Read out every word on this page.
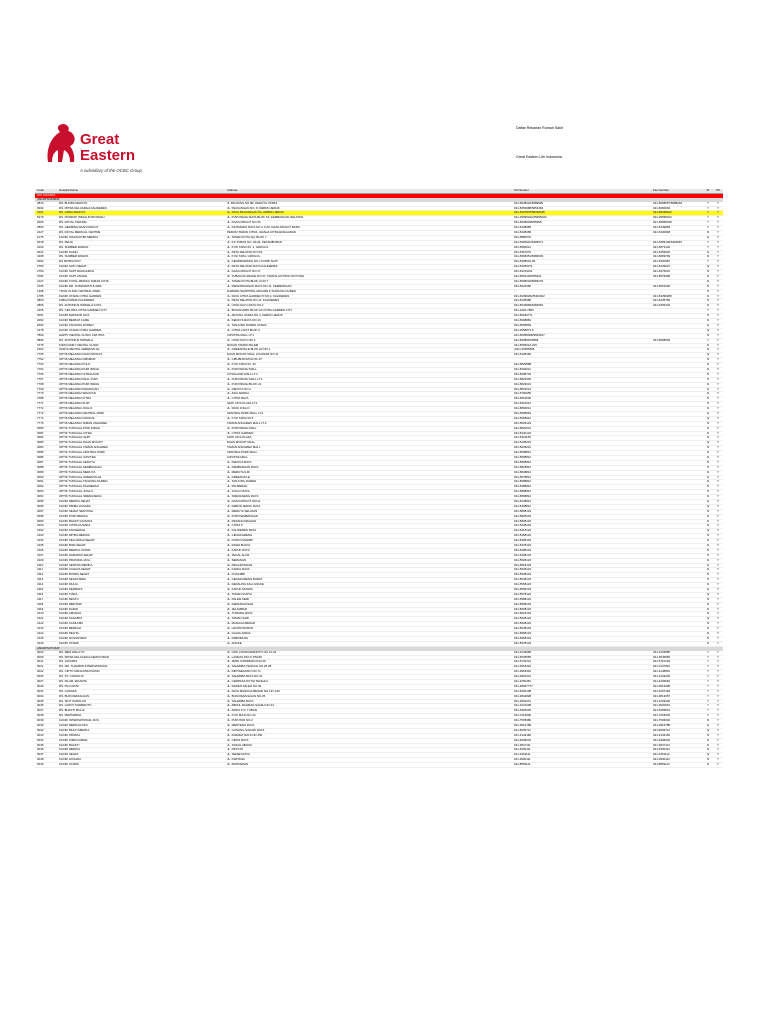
Great
Eastern
A subsidiary of the OCBC Group
Daftar Rekanan Rumah Sakit
Great Eastern Life Indonesia
Code	Hospital Name	Address	Tel Number	Fax Number	IP	OP
DKI JAKARTA
JAKARTA BARAT
2810	RS. BUNDA KEDOYA	Jl. PANJANG NO.8E, KEDOYA UTARA	021-5638022/5689999	021-5668567/5688218	Y	Y
0032	RS. MITRA KELUARGA KALIDERES	JL. PEJUANGAN NO. 8, KEBON JERUK	021-5659988/5653366	021-5660003	Y	Y
3101	RS. GRHA KEDOYA	JL. RAYA PEJUANGAN 5A, KEBON JERUK	021-5307878/58338188	021-58338100	Y	Y
5279	RS. PONDOK INDAH PURI INDAH	JL. PURI INDAH RAYA BLOK S2, KEMBANGAN SELATAN	021-25695222/25695200	021-25695100	Y	Y
0005	RS. ROYAL TARUMA	JL. DAAN MOGOT NO.34	021-56958338/56958	021-56958348	Y	Y
2890	RS. HERMINA DAAN MOGOT	JL. KINTAMANI RAYA NO.2, KAV. DAAN MOGOT BARU	021-5408989	021-5449869	Y	Y
2127	RS. ROYAL MEDICAL CENTRE	PERUM TAMAN CITRA, GRAHA CITRA ENGGARAN	021-5438458	021-5430848	N	Y
1075	KLINIK INSANI PURI MEDIKA	JL. TAMAN KOTA SQ. BLOK Y	021-5880070	N	Y
0018	RS. PELNI	JL. KS TUBUN NO. 92-94, PETAMBURAN	021-5306901/5306971	021-5483145/5494087	Y	Y
0160	RS. SUMBER WARAS	JL. KYAI TAPA NO. 1, GROGOL	021-5682011	021-5673122	Y	Y
0041	KLINIK KASIH	JL. PETA SELATAN NO.5/2	021-5457070	021-5459926	N	Y
3108	RS. SUMBER WARAS	JL. KYAI TAPA, GROGOL	021-5668351/5680603	021-5669739	N	Y
0052	RS PATRIA IKKT	JL. CENDRAWASIH NO.1 KOMP SLIPI	021-5308001-05	021-5330987	Y	Y
3783	KLINIK SATU SEHAT	JL. PETA SELATAN RAYA KALIDERES	021-54369271	021-5439027	N	Y
2760	KLINIK SAPT ENGGARAN	JL. DAAN MOGOT NO.17	021-54319311	021-5476031	N	Y
3782	KLINIK SAPT ANGKE	JL. TUBAGUS ANGKE NO.37, TAMAN GOTONG ROYONG	021-56941030/56941	021-5679938	N	Y
2127	KLINIK TOTAL MEDIKA TAMAN KOTA	JL. TAMAN KOTA BLOK A NO.7	021-5608032/5665279	N	Y
3765	KLINIK DR. SUKMAWATI & ARIF	JL. PEMANDANGAN RAYA NO.11, KEMBANGAN	021-5622066	021-5651026	N	Y
2198	YOUR CLINIC CENTRAL PARK	GARDEN SHOPPING ARCADE 8 TANJUNG DUREN	-	N	Y
1785	KLINIK UTAMA CITRA GARDEN	JL. RAYA CITRA GARDEN 5 NO.2, KALIDERES	021-54399252/5400022	021-54395258	N	Y
3800	KIMIA FARMA KALIDERES	JL. PETA SELATAN NO.11, KALIDERES	021-5435986	021-5435783	N	Y
0866	RS. ANTONIUS NIRMALA KOTA	JL. UTAN KAYU RAYA NO.2	021-5646899/5466681	021-5405434	N	Y
3165	RS. CIPUTRA CITRA GARDEN CITY	JL. BOULEVARD BLOK G3 CITRA GARDEN CITY	021-2292-7883	Y	Y
2091	KLINIK MAKMUR JAYA	JL. ARJUNA UTARA NO.4, KEBON JERUK	021-56940771	N	Y
2092	KLINIK BERKAT CARE	JL. KEDOYA RAYA NO.10	021-5368881	N	Y
2093	KLINIK TANJUNG DUREN	JL. TANJUNG DUREN UTARA	021-5665839	N	Y
3178	KLINIK UTAMA CITRA GARDEN	JL. CITRA 2 EXT BLOK A	021-2958871-5	N	Y
7800	HAPPY DENTAL CLINIC CIPUTRA	CIPUTRA MALL LT.3	021-56958368/5665167	N	Y
0866	RS. ANTONIUS NIRMALA	JL. UTAN KAYU NO.3	021-5668991/5668	021-5668594	Y	Y
3775	KIDS FAMILY DENTAL CLINIC	RUKAN TAMAN PALEM	021-5665012-015	N	Y
2102	SURYA DENTAL GREENVILLE	JL. GREENVILLE BLOK AV NO.1	(021) 29555666	N	Y
7765	OPTIK MELAWAI DAAN MOGOT	DAAN MOGOT MALL LT.DASAR NO.11	021-5438190	N	Y
7762	OPTIK MELAWAI CIBUBUR	JL. CIBUBUR RAYA NO.37	N	Y
7763	OPTIK MELAWAI PULO	JL. KYAI TAPA NO. 33	021-5829888	N	Y
7764	OPTIK MELAWAI PURI INDAH	JL. PURI INDAH MALL	021-5292011	N	Y
7766	OPTIK MELAWAI CITRALAND	CITRALAND MALL LT.2	021-5698733	N	Y
7767	OPTIK MELAWAI MALL PURI	JL. PURI INDAH MALL LT.1	021-5822606	N	Y
7768	OPTIK MELAWAI PURI INDAH	JL. PURI INDAH BLOK U1	021-5823041	N	Y
7769	OPTIK MELAWAI KENANGAN	JL. KEDOYA NO.2	021-5804021	N	Y
7770	OPTIK MELAWAI SENAYAN	JL. ASIA AFRIKA	021-5790055	N	Y
3788	OPTIK MELAWAI CITRA	JL. CITRA RAYA	021-5661500	N	Y
7771	OPTIK MELAWAI SLIPI	SLIPI JAYA PLAZA LT.1	021-5301021	N	Y
7772	OPTIK MELAWAI JOGLO	JL. RAYA JOGLO	021-5800011	N	Y
7773	OPTIK MELAWAI CENTRAL PARK	CENTRAL PARK MALL LT.2	021-5698991	N	Y
7774	OPTIK MELAWAI GROGOL	JL. KYAI TAPA NO.5	021-5668912	N	Y
7775	OPTIK MELAWAI TAMAN ANGGREK	TAMAN ANGGREK MALL LT.3	021-5639123	N	Y
3080	OPTIK TUNGGAL PURI INDAH	JL. PURI INDAH MALL	021-5822041	N	Y
3081	OPTIK TUNGGAL CITRA	JL. CITRA GARDEN	021-5440123	N	Y
3082	OPTIK TUNGGAL SLIPI	SLIPI JAYA PLAZA	021-5301155	N	Y
3083	OPTIK TUNGGAL DAAN MOGOT	DAAN MOGOT MALL	021-5438201	N	Y
3084	OPTIK TUNGGAL TAMAN ANGGREK	TAMAN ANGGREK MALL	021-5639221	N	Y
3085	OPTIK TUNGGAL CENTRAL PARK	CENTRAL PARK MALL	021-5698812	N	Y
3086	OPTIK TUNGGAL CIPUTRA	CIPUTRA MALL	021-5658812	N	Y
3087	OPTIK TUNGGAL KEDOYA	JL. KEDOYA RAYA	021-5808812	N	Y
3088	OPTIK TUNGGAL KEMBANGAN	JL. KEMBANGAN RAYA	021-5818812	N	Y
3089	OPTIK TUNGGAL MERUYA	JL. MERUYA ILIR	021-5848812	N	Y
3090	OPTIK TUNGGAL GREENVILLE	JL. GREENVILLE	021-5678812	N	Y
3091	OPTIK TUNGGAL TANJUNG DUREN	JL. TANJUNG DUREN	021-5688812	N	Y
3092	OPTIK TUNGGAL PALMERAH	JL. PALMERAH	021-5488812	N	Y
3093	OPTIK TUNGGAL JOGLO	JL. JOGLO RAYA	021-5858812	N	Y
3094	OPTIK TUNGGAL SRENGSENG	JL. SRENGSENG RAYA	021-5868812	N	Y
3095	KLINIK MEDIKA SEHAT	JL. DAAN MOGOT KM.11	021-5448812	N	Y
3096	KLINIK PRIMA HUSADA	JL. KEBON JERUK RAYA	021-5308812	N	Y
3097	KLINIK SEHAT SENTOSA	JL. MERUYA SELATAN	021-5858123	N	Y
3098	KLINIK PURI MEDIKA	JL. PURI KEMBANGAN	021-5828123	N	Y
3099	KLINIK BHAKTI HUSADA	JL. PESANGGRAHAN	021-5838123	N	Y
3100	KLINIK CITRA HUSADA	JL. CITRA 5	021-5448123	N	Y
3102	KLINIK ANUGERAH	JL. KALIDERES RAYA	021-5418123	N	Y
3103	KLINIK MITRA MEDIKA	JL. CENGKARENG	021-5458123	N	Y
3104	KLINIK KELUARGA SEHAT	JL. DURI KOSAMBI	021-5468123	N	Y
3105	KLINIK BINA SEHAT	JL. RAWA BUAYA	021-5478123	N	Y
3106	KLINIK MEDIKA UTAMA	JL. KAPUK RAYA	021-5488123	N	Y
3107	KLINIK HARAPAN SEHAT	JL. TEGAL ALUR	021-5498123	N	Y
3109	KLINIK PRATAMA JAYA	JL. SEMANAN	021-5508123	N	Y
3110	KLINIK SENTRA MEDIKA	JL. PEGADUNGAN	021-5518123	N	Y
3111	KLINIK CAHAYA SEHAT	JL. KAMAL RAYA	021-5528123	N	Y
3112	KLINIK BUNDA SEHAT	JL. KOSAMBI	021-5538123	N	Y
3113	KLINIK SEJAHTERA	JL. CENGKARENG BARAT	021-5548123	N	Y
3114	KLINIK MULIA	JL. KEDAUNG KALI ANGKE	021-5558123	N	Y
3115	KLINIK PERMATA	JL. KAPUK MUARA	021-5568123	N	Y
3116	KLINIK TIARA	JL. TAMAN SURYA	021-5578123	N	Y
3117	KLINIK RESTU	JL. PALEM SEMI	021-5588123	N	Y
3118	KLINIK MENTARI	JL. KEMANGGISAN	021-5598123	N	Y
3119	KLINIK DAMAI	JL. JELAMBAR	021-5608123	N	Y
3120	KLINIK AMANAH	JL. TOMANG RAYA	021-5618123	N	Y
3121	KLINIK SAHABAT	JL. TAMAN SARI	021-5628123	N	Y
3122	KLINIK KASIH IBU	JL. MANGGA BESAR	021-5638123	N	Y
3123	KLINIK BERKAH	JL. HAYAM WURUK	021-5648123	N	Y
3124	KLINIK PELITA	JL. GAJAH MADA	021-5658123	N	Y
3125	KLINIK NUSANTARA	JL. KRENDANG	021-5668123	N	Y
3126	KLINIK UTAMA	JL. ANGKE	021-5678123	N	Y
JAKARTA PUSAT
0003	RS. ABDI WALUYO	JL. HOS COKROAMINOTO NO.31-33	021-3144989	021-3103855	Y	Y
0009	RS. MITRA KELUARGA KEMAYORAN	JL. LANDAS PACU TIMUR	021-6545555	021-6545959	Y	Y
0011	RS. JAKARTA	JL. JEND SUDIRMAN KAV.49	021-5732241	021-5710249	Y	Y
0021	RS. MH. THAMRIN INTERNASIONAL	JL. SALEMBA TENGAH NO.26-28	021-3904422	021-3107816	Y	Y
0022	RS. CIPTO MANGUNKUSUMO	JL. DIPONEGORO NO.71	021-3918301	021-3148991	Y	Y
0025	RS. ST. CAROLUS	JL. SALEMBA RAYA NO.41	021-3904441	021-3103226	Y	Y
0027	RS. ISLAM JAKARTA	JL. CEMPAKA PUTIH TENGAH	021-4250451	021-4206681	Y	Y
0030	RS. PGI CIKINI	JL. RADEN SALEH NO.40	021-38997777	021-3914928	Y	Y
0031	RS. HUSADA	JL. RAYA MANGGA BESAR NO.137-139	021-6260108	021-6497494	Y	Y
0034	RS. BUDI KEMULIAAN	JL. BUDI KEMULIAAN NO.25	021-3842828	021-3813357	Y	Y
0035	RS. SINT CAROLUS	JL. SALEMBA RAYA	021-3904441	021-3103226	Y	Y
0036	RS. GATOT SOEBROTO	JL. ABDUL RAHMAN SALEH NO.24	021-3441008	021-3520619	Y	Y
0037	RS. BHAKTI MULIA	JL. AIPDA K.S. TUBUN	021-5481625	021-5483519	Y	Y
0038	RS. PERTAMINA	JL. KYAI MAJA NO.43	021-7219000	021-7203540	Y	Y
0039	KLINIK INTERNATIONAL SOS	JL. PUPUTAN NO.2	021-7505980	021-7506002	N	Y
0040	KLINIK MEDIKALOKA	JL. MENTENG RAYA	021-3916789	021-3916788	N	Y
0042	KLINIK MULTI MEDIKA	JL. GUNUNG SAHARI RAYA	021-6006711	021-6006712	N	Y
0043	KLINIK PRODIA	JL. KRAMAT RAYA NO.150	021-3144182	021-3144181	N	Y
0044	KLINIK KIMIA FARMA	JL. CIKINI RAYA	021-3908201	021-3908202	N	Y
0045	KLINIK BHAKTI	JL. TANAH ABANG	021-3847111	021-3847112	N	Y
0046	KLINIK MEDIKA	JL. PETOJO	021-6330111	021-6330112	N	Y
0047	KLINIK SEHAT	JL. SENEN RAYA	021-3451111	021-3451112	N	Y
0048	KLINIK HUSADA	JL. KWITANG	021-3900111	021-3900112	N	Y
0049	KLINIK UTAMA	JL. MATRAMAN	021-8581111	021-8581112	N	Y
